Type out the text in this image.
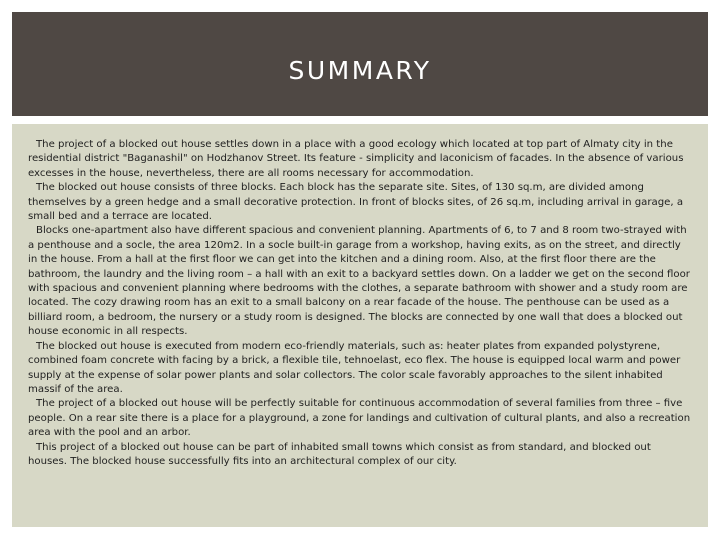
SUMMARY

The project of a blocked out house settles down in a place with a good ecology which located at top part of Almaty city in the residential district "Baganashil" on Hodzhanov Street. Its feature - simplicity and laconicism of facades. In the absence of various excesses in the house, nevertheless, there are all rooms necessary for accommodation.

The blocked out house consists of three blocks. Each block has the separate site. Sites, of 130 sq.m, are divided among themselves by a green hedge and a small decorative protection. In front of blocks sites, of 26 sq.m, including arrival in garage, a small bed and a terrace are located.

Blocks one-apartment also have different spacious and convenient planning. Apartments of 6, to 7 and 8 room two-strayed with a penthouse and a socle, the area 120m2. In a socle built-in garage from a workshop, having exits, as on the street, and directly in the house. From a hall at the first floor we can get into the kitchen and a dining room. Also, at the first floor there are the bathroom, the laundry and the living room – a hall with an exit to a backyard settles down. On a ladder we get on the second floor with spacious and convenient planning where bedrooms with the clothes, a separate bathroom with shower and a study room are located. The cozy drawing room has an exit to a small balcony on a rear facade of the house. The penthouse can be used as a billiard room, a bedroom, the nursery or a study room is designed. The blocks are connected by one wall that does a blocked out house economic in all respects.

The blocked out house is executed from modern eco-friendly materials, such as: heater plates from expanded polystyrene, combined foam concrete with facing by a brick, a flexible tile, tehnoelast, eco flex. The house is equipped local warm and power supply at the expense of solar power plants and solar collectors. The color scale favorably approaches to the silent inhabited massif of the area.

The project of a blocked out house will be perfectly suitable for continuous accommodation of several families from three – five people. On a rear site there is a place for a playground, a zone for landings and cultivation of cultural plants, and also a recreation area with the pool and an arbor.

This project of a blocked out house can be part of inhabited small towns which consist as from standard, and blocked out houses. The blocked house successfully fits into an architectural complex of our city.
